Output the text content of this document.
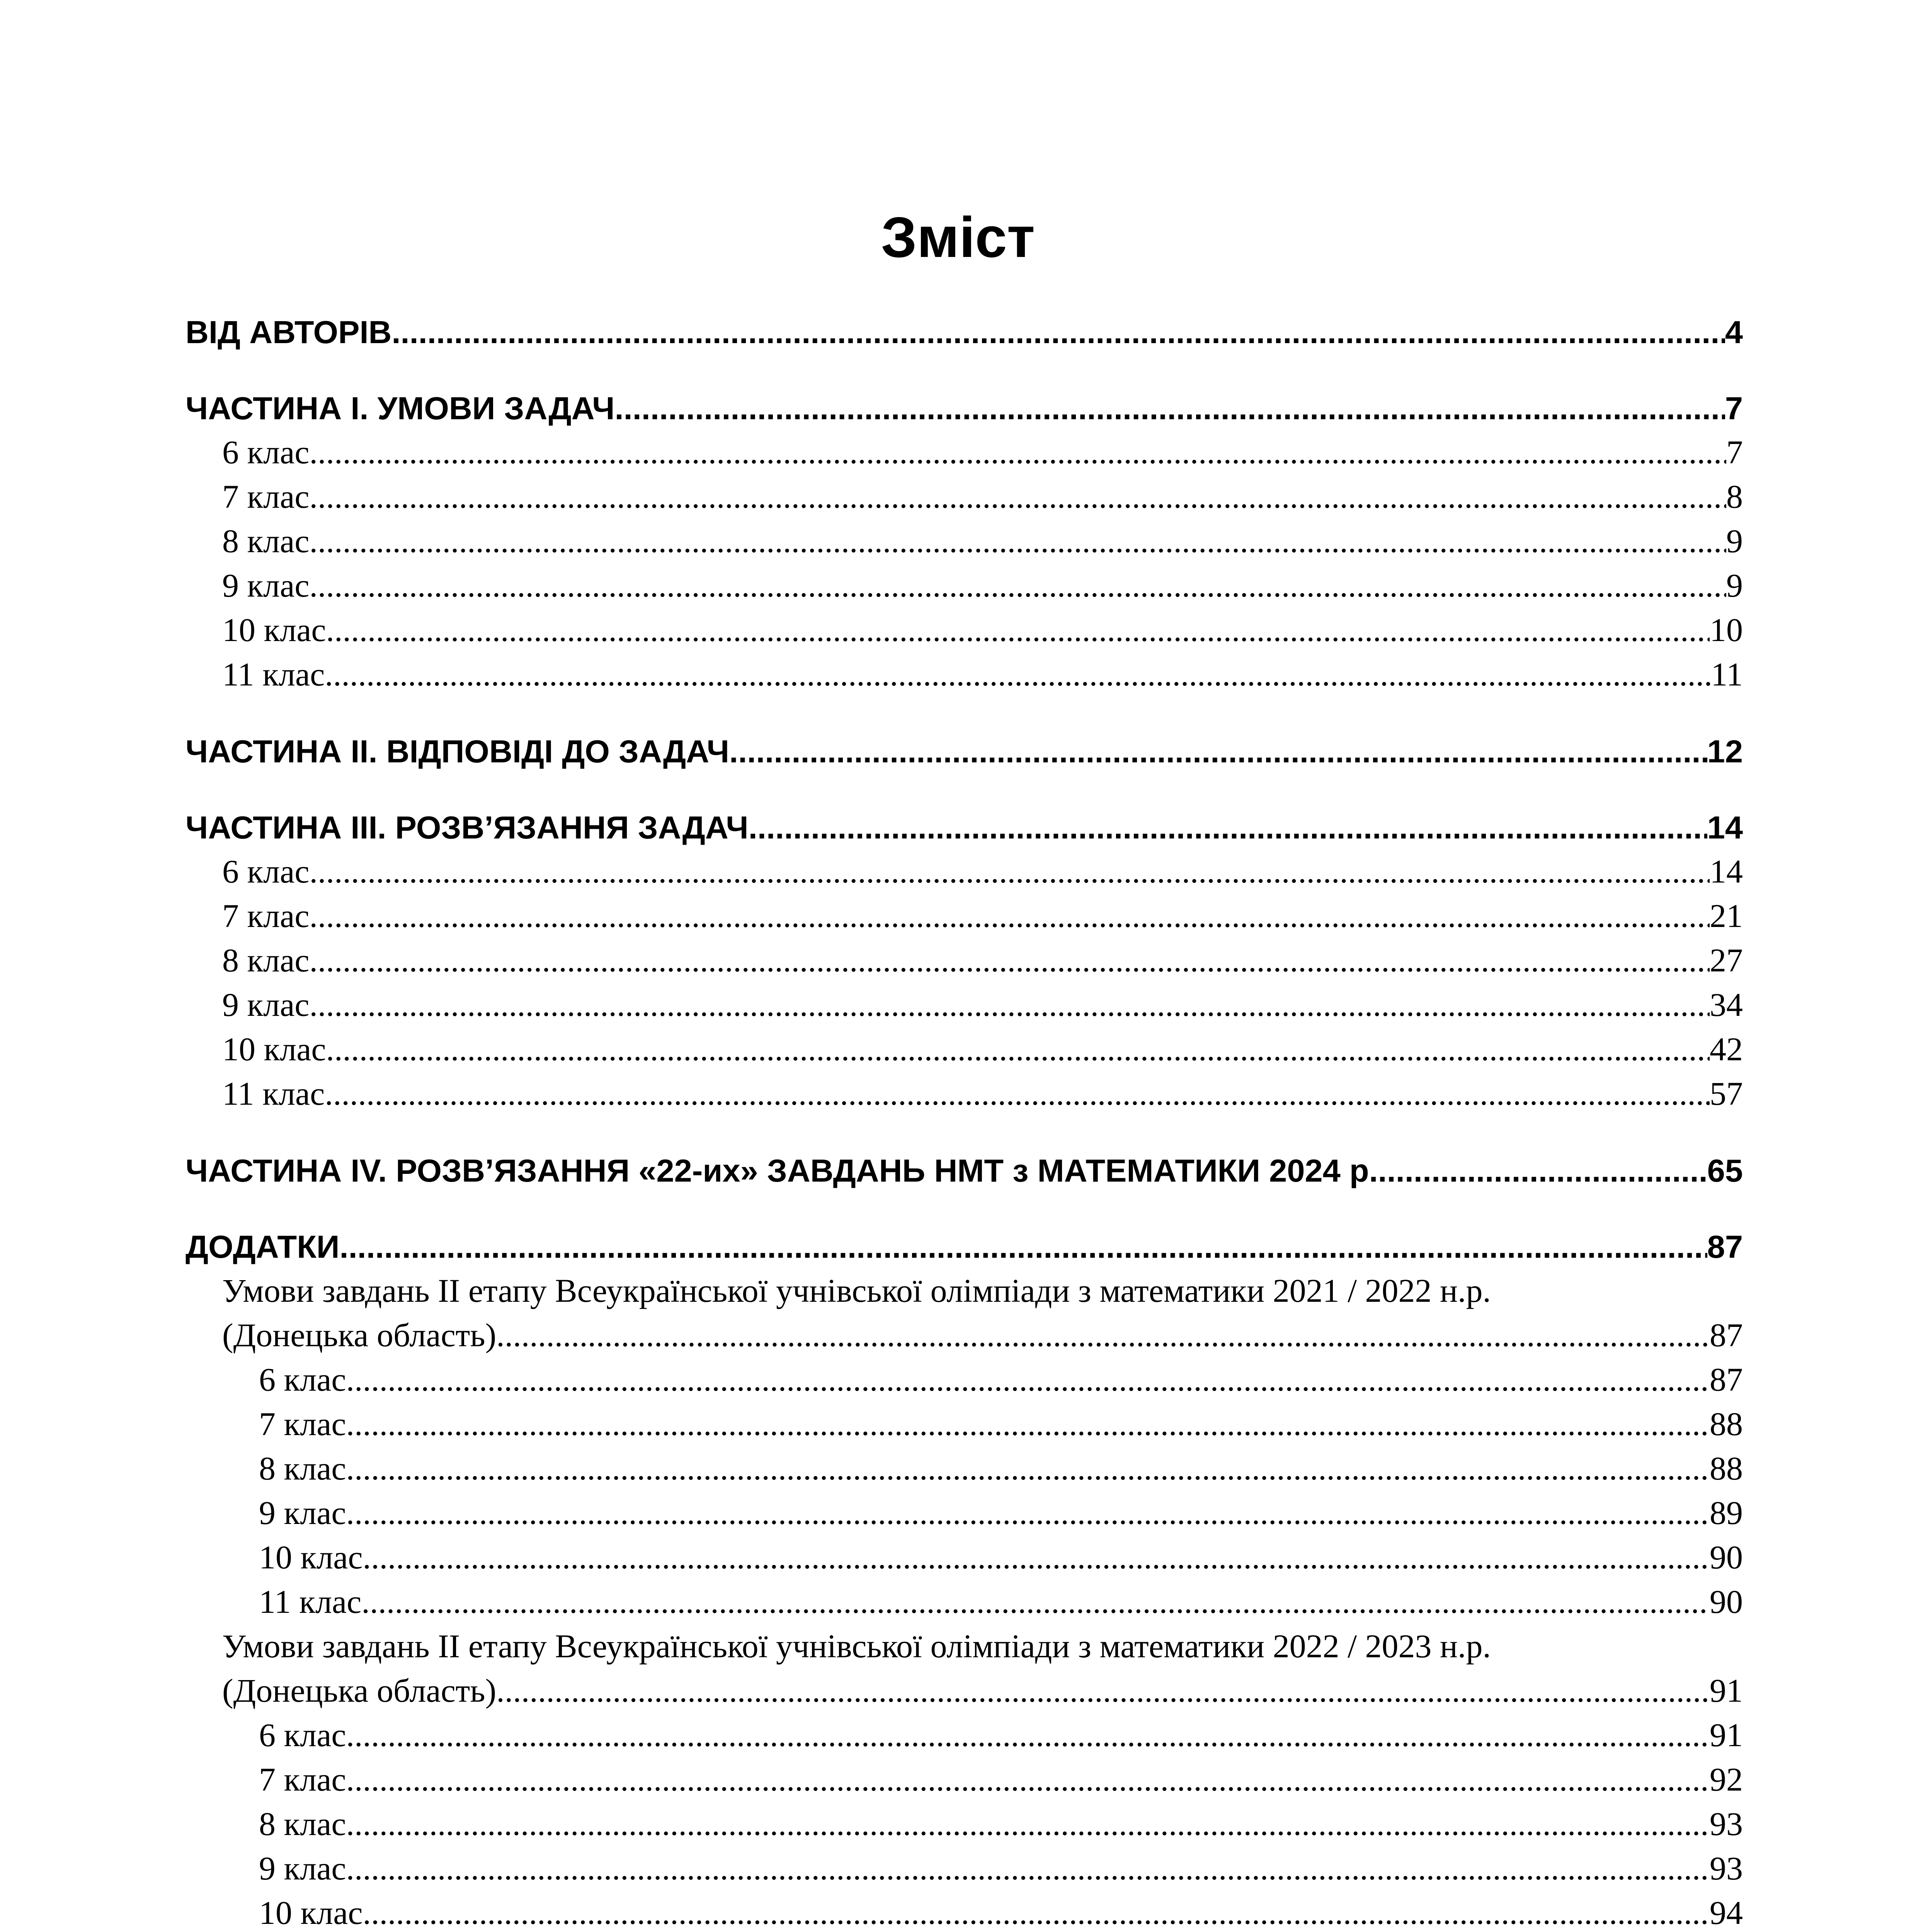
Зміст
ВІД АВТОРІВ .....	4
ЧАСТИНА I. УМОВИ ЗАДАЧ .....	7
6 клас .....	7
7 клас .....	8
8 клас .....	9
9 клас .....	9
10 клас .....	10
11 клас .....	11
ЧАСТИНА II. ВІДПОВІДІ ДО ЗАДАЧ .....	12
ЧАСТИНА III. РОЗВ’ЯЗАННЯ ЗАДАЧ .....	14
6 клас .....	14
7 клас .....	21
8 клас .....	27
9 клас .....	34
10 клас .....	42
11 клас .....	57
ЧАСТИНА IV. РОЗВ’ЯЗАННЯ «22-их» ЗАВДАНЬ НМТ з МАТЕМАТИКИ 2024 р. .....	65
ДОДАТКИ .....	87
Умови завдань II етапу Всеукраїнської учнівської олімпіади з математики 2021 / 2022 н.р.
(Донецька область) .....	87
6 клас .....	87
7 клас .....	88
8 клас .....	88
9 клас .....	89
10 клас .....	90
11 клас .....	90
Умови завдань II етапу Всеукраїнської учнівської олімпіади з математики 2022 / 2023 н.р.
(Донецька область) .....	91
6 клас .....	91
7 клас .....	92
8 клас .....	93
9 клас .....	93
10 клас .....	94
